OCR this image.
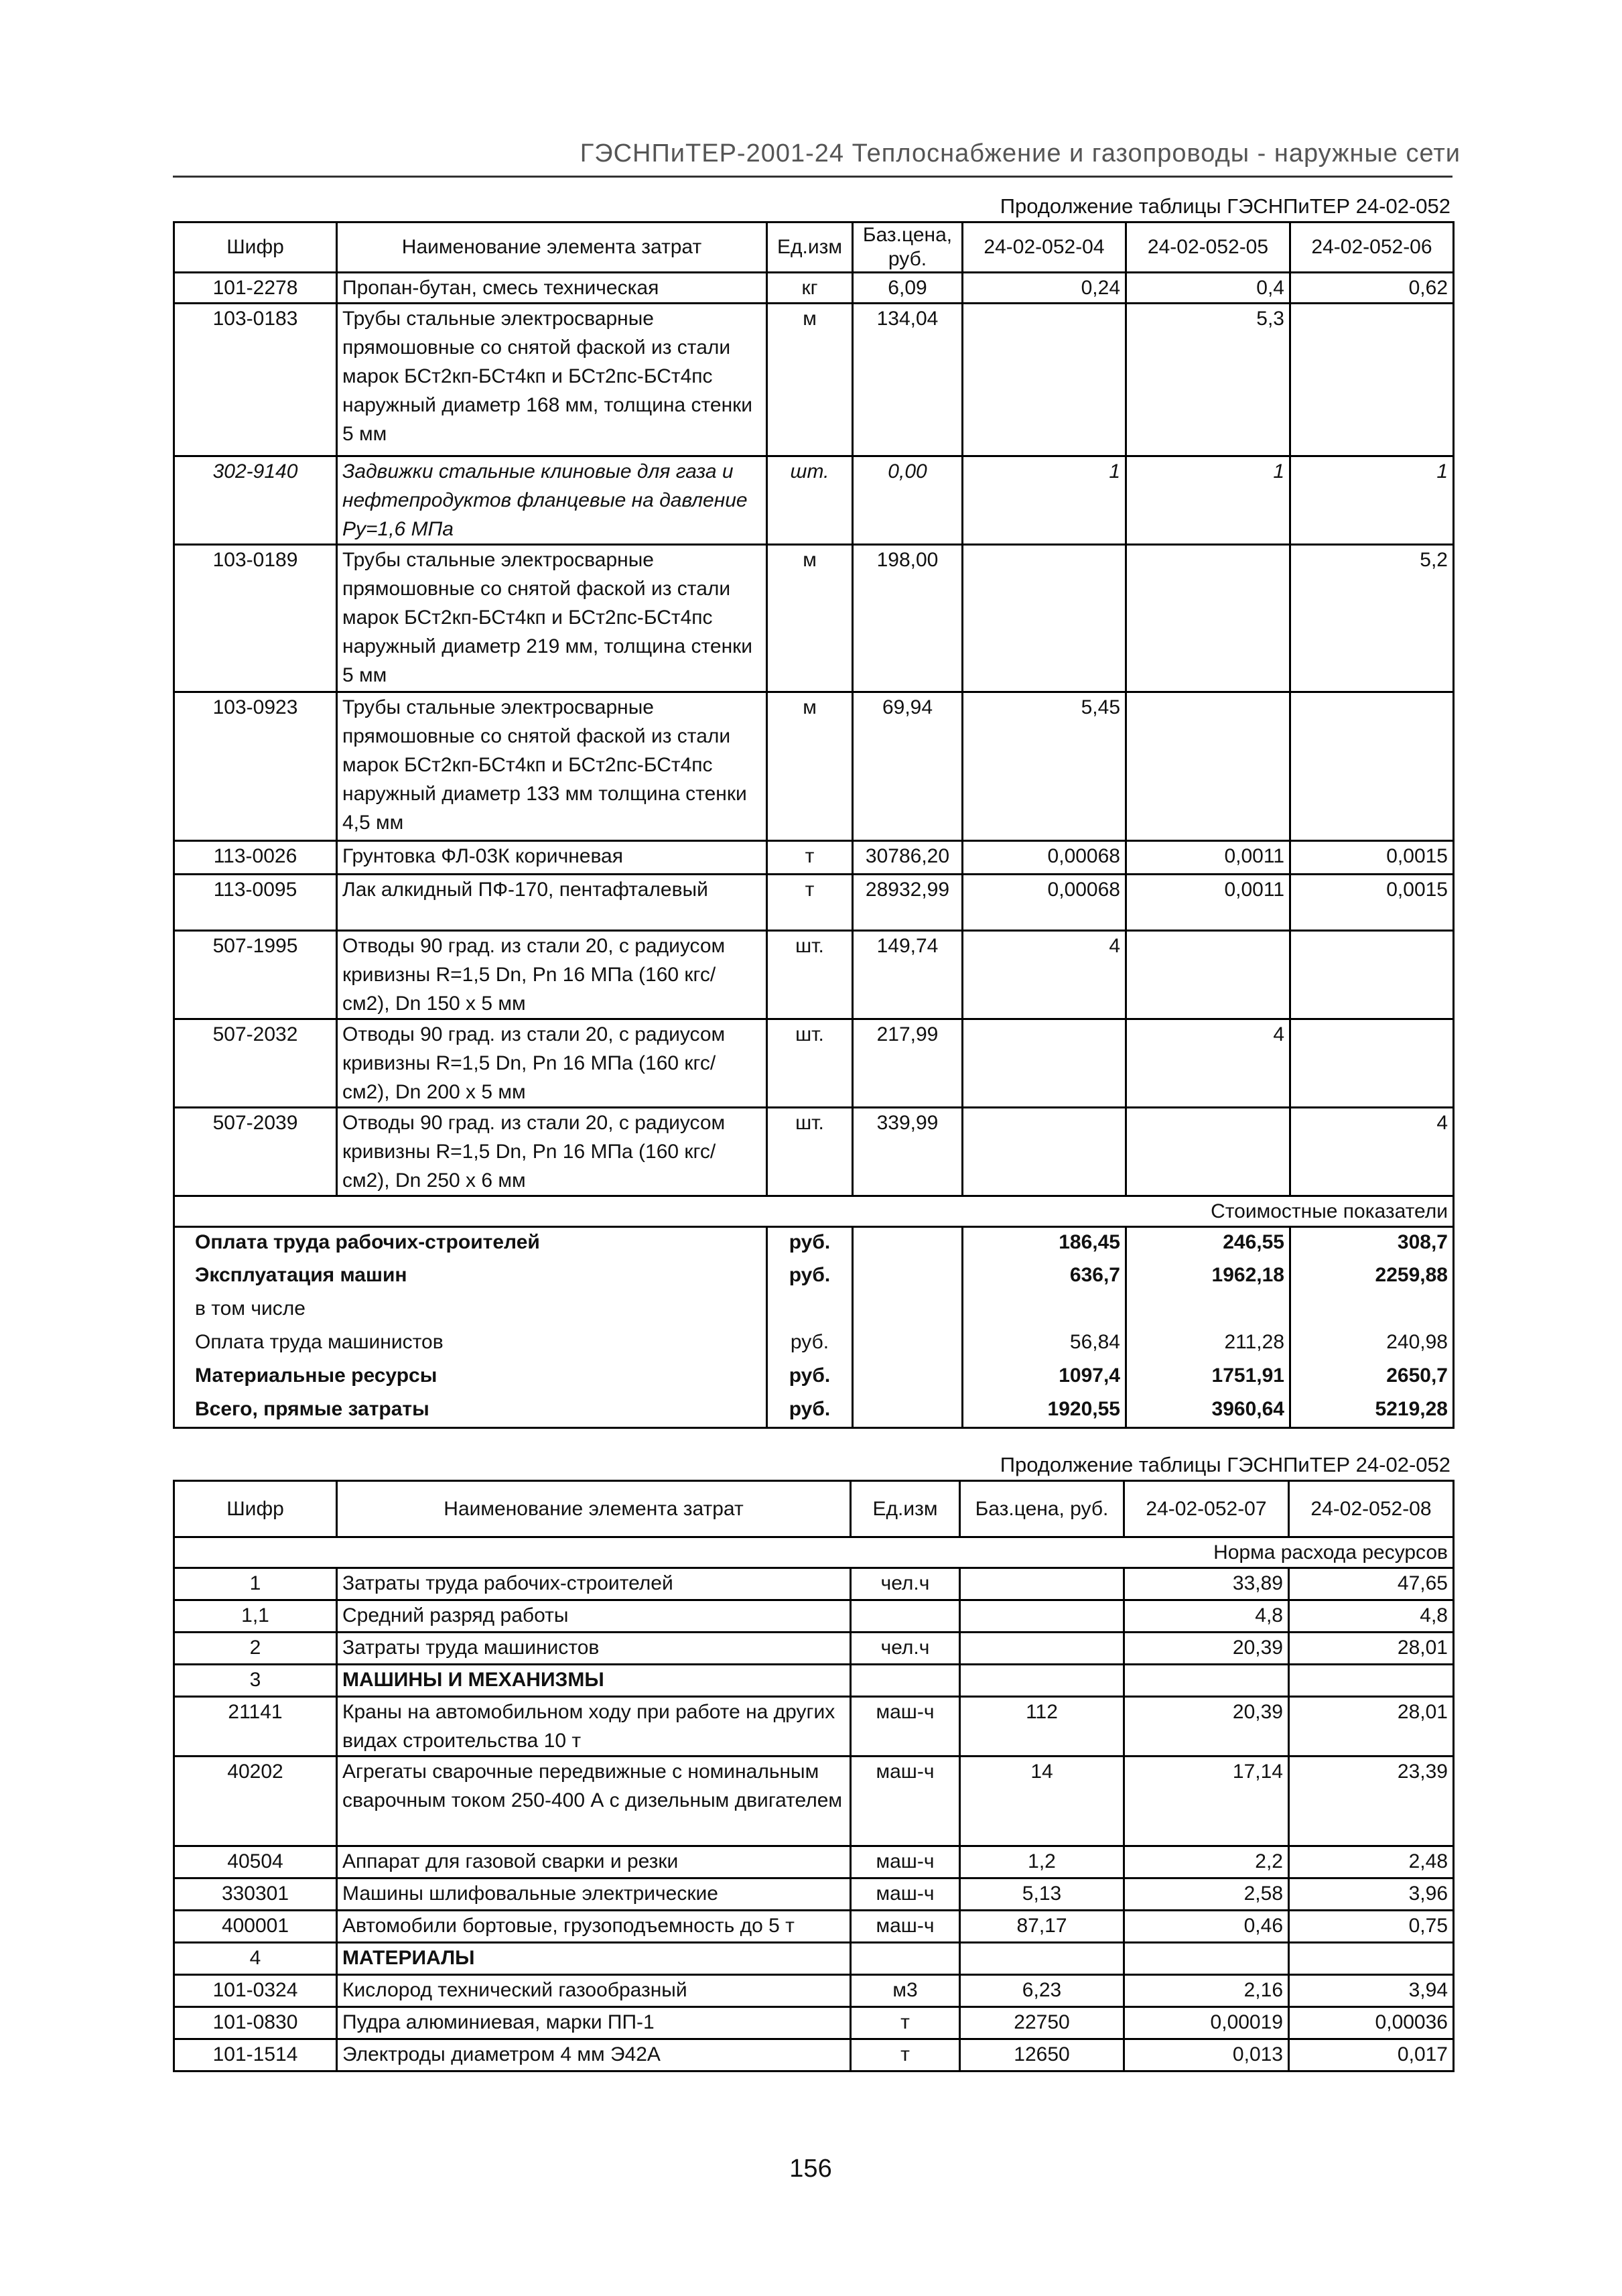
ГЭСНПиТЕР-2001-24 Теплоснабжение и газопроводы - наружные сети
Продолжение таблицы ГЭСНПиТЕР 24-02-052
Шифр	Наименование элемента затрат	Ед.изм	Баз.цена, руб.	24-02-052-04	24-02-052-05	24-02-052-06
101-2278	Пропан-бутан, смесь техническая	кг	6,09	0,24	0,4	0,62
103-0183	Трубы стальные электросварные прямошовные со снятой фаской из стали марок БСт2кп-БСт4кп и БСт2пс-БСт4пс наружный диаметр 168 мм, толщина стенки 5 мм	м	134,04		5,3	
302-9140	Задвижки стальные клиновые для газа и нефтепродуктов фланцевые на давление Ру=1,6 МПа	шт.	0,00	1	1	1
103-0189	Трубы стальные электросварные прямошовные со снятой фаской из стали марок БСт2кп-БСт4кп и БСт2пс-БСт4пс наружный диаметр 219 мм, толщина стенки 5 мм	м	198,00			5,2
103-0923	Трубы стальные электросварные прямошовные со снятой фаской из стали марок БСт2кп-БСт4кп и БСт2пс-БСт4пс наружный диаметр 133 мм толщина стенки 4,5 мм	м	69,94	5,45		
113-0026	Грунтовка ФЛ-03К коричневая	т	30786,20	0,00068	0,0011	0,0015
113-0095	Лак алкидный ПФ-170, пентафталевый	т	28932,99	0,00068	0,0011	0,0015
507-1995	Отводы 90 град. из стали 20, с радиусом кривизны R=1,5 Dn, Pn 16 МПа (160 кгс/см2), Dn 150 x 5 мм	шт.	149,74	4		
507-2032	Отводы 90 град. из стали 20, с радиусом кривизны R=1,5 Dn, Pn 16 МПа (160 кгс/см2), Dn 200 x 5 мм	шт.	217,99		4	
507-2039	Отводы 90 град. из стали 20, с радиусом кривизны R=1,5 Dn, Pn 16 МПа (160 кгс/см2), Dn 250 x 6 мм	шт.	339,99			4
Стоимостные показатели						
Оплата труда рабочих-строителей		руб.		186,45	246,55	308,7
Эксплуатация машин		руб.		636,7	1962,18	2259,88
в том числе						
Оплата труда машинистов		руб.		56,84	211,28	240,98
Материальные ресурсы		руб.		1097,4	1751,91	2650,7
Всего, прямые затраты		руб.		1920,55	3960,64	5219,28
Продолжение таблицы ГЭСНПиТЕР 24-02-052
Шифр	Наименование элемента затрат	Ед.изм	Баз.цена, руб.	24-02-052-07	24-02-052-08
Норма расхода ресурсов					
1	Затраты труда рабочих-строителей	чел.ч		33,89	47,65
1,1	Средний разряд работы			4,8	4,8
2	Затраты труда машинистов	чел.ч		20,39	28,01
3	МАШИНЫ И МЕХАНИЗМЫ				
21141	Краны на автомобильном ходу при работе на других видах строительства 10 т	маш-ч	112	20,39	28,01
40202	Агрегаты сварочные передвижные с номинальным сварочным током 250-400 А с дизельным двигателем	маш-ч	14	17,14	23,39
40504	Аппарат для газовой сварки и резки	маш-ч	1,2	2,2	2,48
330301	Машины шлифовальные электрические	маш-ч	5,13	2,58	3,96
400001	Автомобили бортовые, грузоподъемность до 5 т	маш-ч	87,17	0,46	0,75
4	МАТЕРИАЛЫ				
101-0324	Кислород технический газообразный	м3	6,23	2,16	3,94
101-0830	Пудра алюминиевая, марки ПП-1	т	22750	0,00019	0,00036
101-1514	Электроды диаметром 4 мм Э42А	т	12650	0,013	0,017
156
